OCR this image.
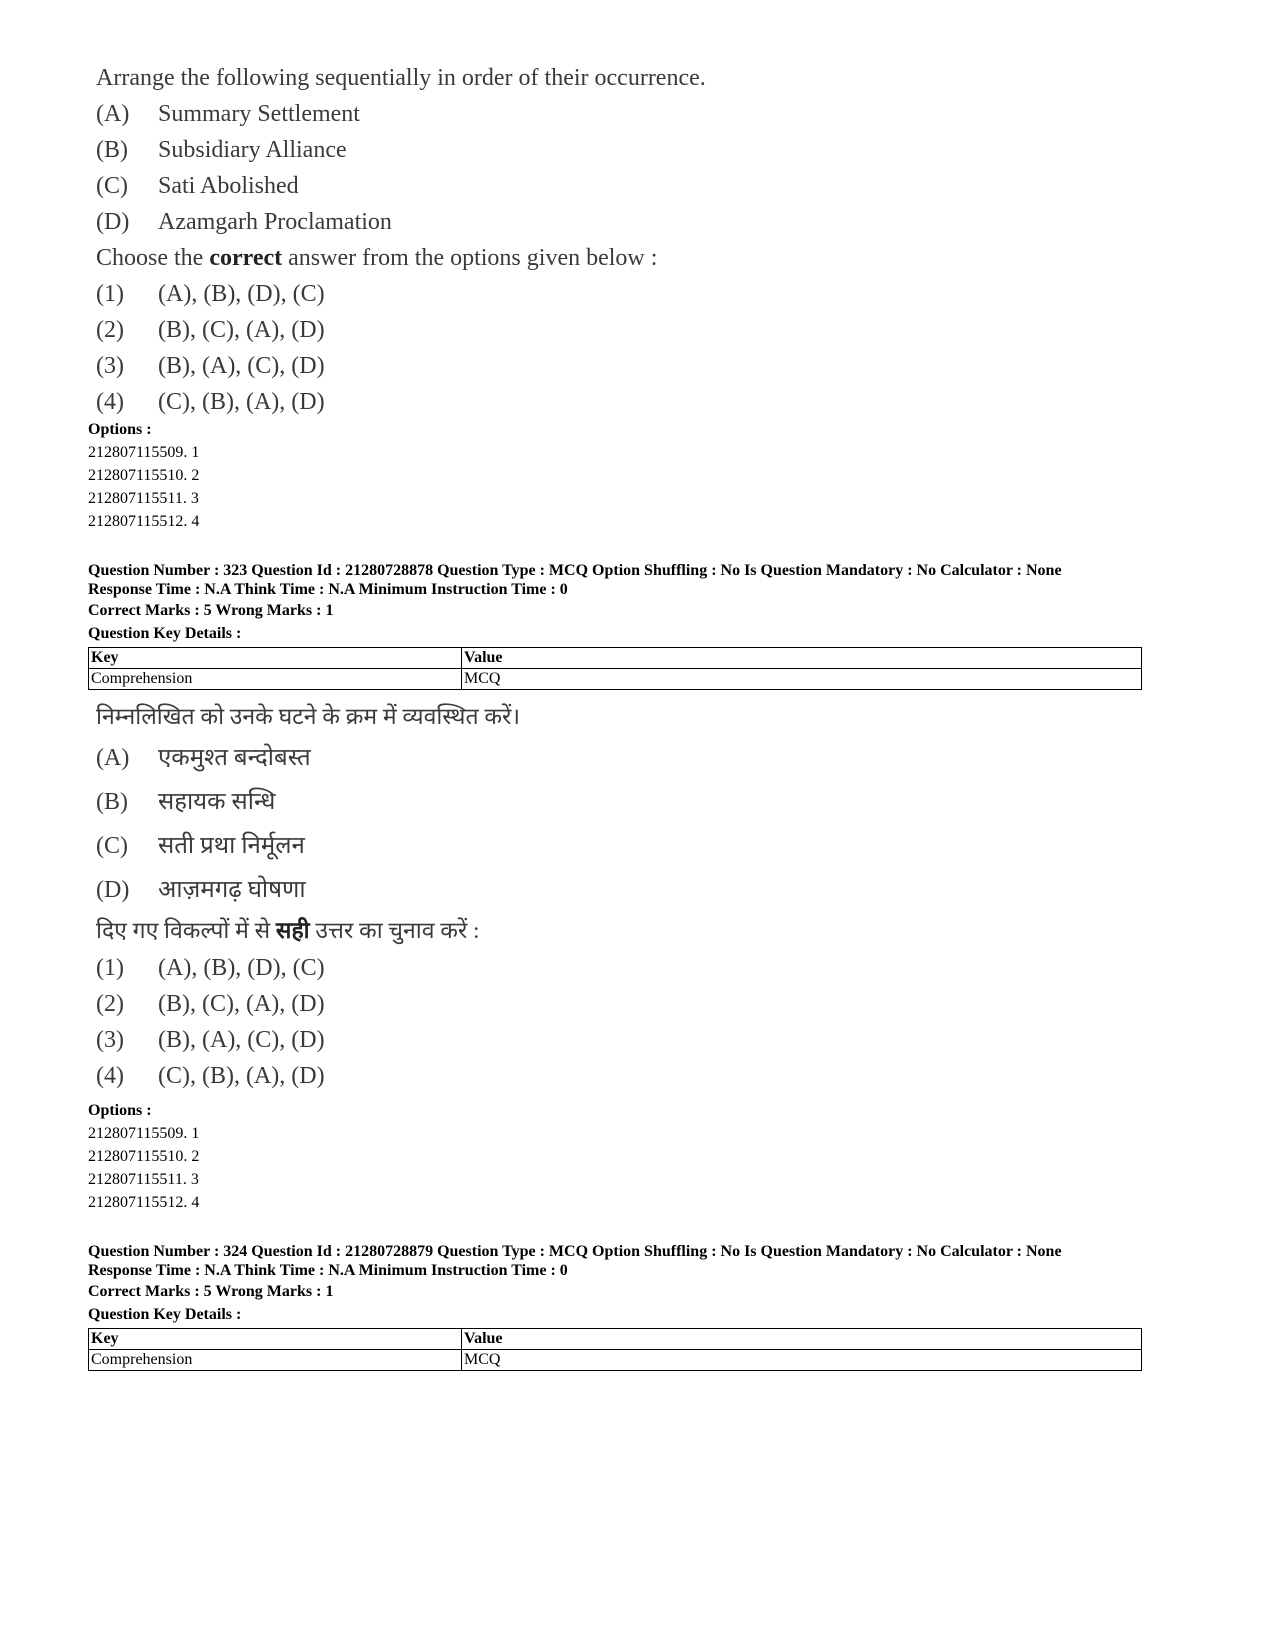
Arrange the following sequentially in order of their occurrence.
(A)	Summary Settlement
(B)	Subsidiary Alliance
(C)	Sati Abolished
(D)	Azamgarh Proclamation
Choose the correct answer from the options given below :
(1)	(A), (B), (D), (C)
(2)	(B), (C), (A), (D)
(3)	(B), (A), (C), (D)
(4)	(C), (B), (A), (D)
Options :
212807115509. 1
212807115510. 2
212807115511. 3
212807115512. 4
Question Number : 323 Question Id : 21280728878 Question Type : MCQ Option Shuffling : No Is Question Mandatory : No Calculator : None
Response Time : N.A Think Time : N.A Minimum Instruction Time : 0
Correct Marks : 5 Wrong Marks : 1
Question Key Details :
Key	Value
Comprehension	MCQ
निम्नलिखित को उनके घटने के क्रम में व्यवस्थित करें।
(A)	एकमुश्त बन्दोबस्त
(B)	सहायक सन्धि
(C)	सती प्रथा निर्मूलन
(D)	आज़मगढ़ घोषणा
दिए गए विकल्पों में से सही उत्तर का चुनाव करें :
(1)	(A), (B), (D), (C)
(2)	(B), (C), (A), (D)
(3)	(B), (A), (C), (D)
(4)	(C), (B), (A), (D)
Options :
212807115509. 1
212807115510. 2
212807115511. 3
212807115512. 4
Question Number : 324 Question Id : 21280728879 Question Type : MCQ Option Shuffling : No Is Question Mandatory : No Calculator : None
Response Time : N.A Think Time : N.A Minimum Instruction Time : 0
Correct Marks : 5 Wrong Marks : 1
Question Key Details :
Key	Value
Comprehension	MCQ
